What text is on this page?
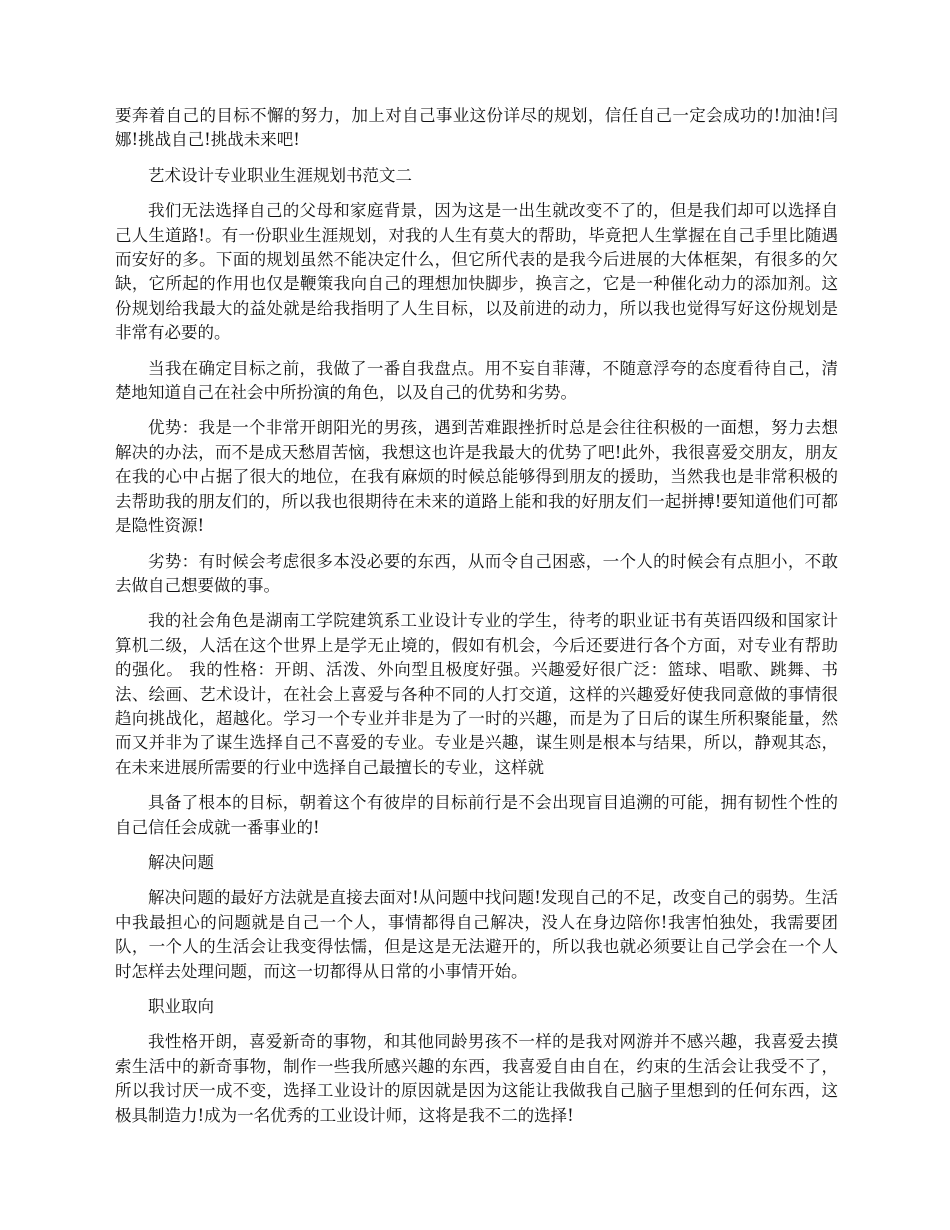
要奔着自己的目标不懈的努力，加上对自己事业这份详尽的规划，信任自己一定会成功的!加油!闫娜!挑战自己!挑战未来吧!

艺术设计专业职业生涯规划书范文二

我们无法选择自己的父母和家庭背景，因为这是一出生就改变不了的，但是我们却可以选择自己人生道路!。有一份职业生涯规划，对我的人生有莫大的帮助，毕竟把人生掌握在自己手里比随遇而安好的多。下面的规划虽然不能决定什么，但它所代表的是我今后进展的大体框架，有很多的欠缺，它所起的作用也仅是鞭策我向自己的理想加快脚步，换言之，它是一种催化动力的添加剂。这份规划给我最大的益处就是给我指明了人生目标，以及前进的动力，所以我也觉得写好这份规划是非常有必要的。

当我在确定目标之前，我做了一番自我盘点。用不妄自菲薄，不随意浮夸的态度看待自己，清楚地知道自己在社会中所扮演的角色，以及自己的优势和劣势。

优势：我是一个非常开朗阳光的男孩，遇到苦难跟挫折时总是会往往积极的一面想，努力去想解决的办法，而不是成天愁眉苦恼，我想这也许是我最大的优势了吧!此外，我很喜爱交朋友，朋友在我的心中占据了很大的地位，在我有麻烦的时候总能够得到朋友的援助，当然我也是非常积极的去帮助我的朋友们的，所以我也很期待在未来的道路上能和我的好朋友们一起拼搏!要知道他们可都是隐性资源!

劣势：有时候会考虑很多本没必要的东西，从而令自己困惑，一个人的时候会有点胆小，不敢去做自己想要做的事。

我的社会角色是湖南工学院建筑系工业设计专业的学生，待考的职业证书有英语四级和国家计算机二级，人活在这个世界上是学无止境的，假如有机会，今后还要进行各个方面，对专业有帮助的强化。 我的性格：开朗、活泼、外向型且极度好强。兴趣爱好很广泛：篮球、唱歌、跳舞、书法、绘画、艺术设计，在社会上喜爱与各种不同的人打交道，这样的兴趣爱好使我同意做的事情很趋向挑战化，超越化。学习一个专业并非是为了一时的兴趣，而是为了日后的谋生所积聚能量，然而又并非为了谋生选择自己不喜爱的专业。专业是兴趣，谋生则是根本与结果，所以，静观其态，在未来进展所需要的行业中选择自己最擅长的专业，这样就

具备了根本的目标，朝着这个有彼岸的目标前行是不会出现盲目追溯的可能，拥有韧性个性的自己信任会成就一番事业的!

解决问题

解决问题的最好方法就是直接去面对!从问题中找问题!发现自己的不足，改变自己的弱势。生活中我最担心的问题就是自己一个人，事情都得自己解决，没人在身边陪你!我害怕独处，我需要团队，一个人的生活会让我变得怯懦，但是这是无法避开的，所以我也就必须要让自己学会在一个人时怎样去处理问题，而这一切都得从日常的小事情开始。

职业取向

我性格开朗，喜爱新奇的事物，和其他同龄男孩不一样的是我对网游并不感兴趣，我喜爱去摸索生活中的新奇事物，制作一些我所感兴趣的东西，我喜爱自由自在，约束的生活会让我受不了，所以我讨厌一成不变，选择工业设计的原因就是因为这能让我做我自己脑子里想到的任何东西，这极具制造力!成为一名优秀的工业设计师，这将是我不二的选择!
